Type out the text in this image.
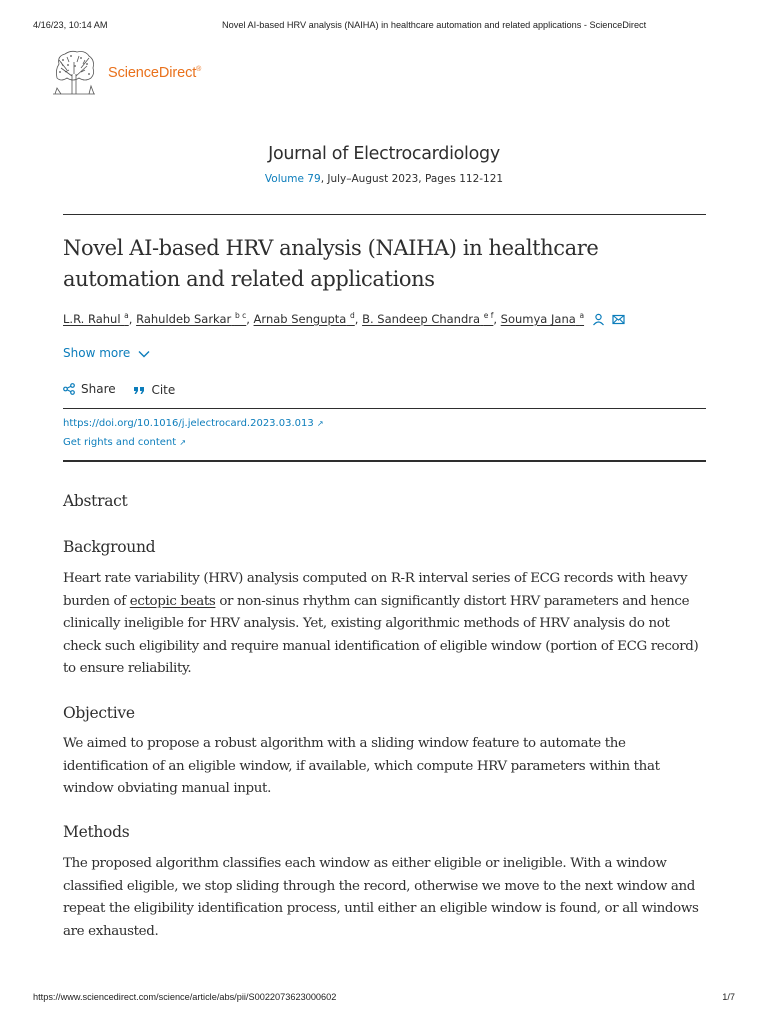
4/16/23, 10:14 AM	Novel AI-based HRV analysis (NAIHA) in healthcare automation and related applications - ScienceDirect
ScienceDirect®
Journal of Electrocardiology
Volume 79, July–August 2023, Pages 112-121
Novel AI-based HRV analysis (NAIHA) in healthcare automation and related applications
L.R. Rahul $^a$, Rahuldeb Sarkar $^{b c}$, Arnab Sengupta $^d$, B. Sandeep Chandra $^{e f}$, Soumya Jana $^a$
Show more
Share
	Cite
https://doi.org/10.1016/j.jelectrocard.2023.03.013 ↗
Get rights and content ↗
Abstract
Background

Heart rate variability (HRV) analysis computed on R-R interval series of ECG records with heavy burden of ectopic beats or non-sinus rhythm can significantly distort HRV parameters and hence clinically ineligible for HRV analysis. Yet, existing algorithmic methods of HRV analysis do not check such eligibility and require manual identification of eligible window (portion of ECG record) to ensure reliability.

Objective

We aimed to propose a robust algorithm with a sliding window feature to automate the identification of an eligible window, if available, which compute HRV parameters within that window obviating manual input.

Methods

The proposed algorithm classifies each window as either eligible or ineligible. With a window classified eligible, we stop sliding through the record, otherwise we move to the next window and repeat the eligibility identification process, until either an eligible window is found, or all windows are exhausted.

https://www.sciencedirect.com/science/article/abs/pii/S0022073623000602	1/7
